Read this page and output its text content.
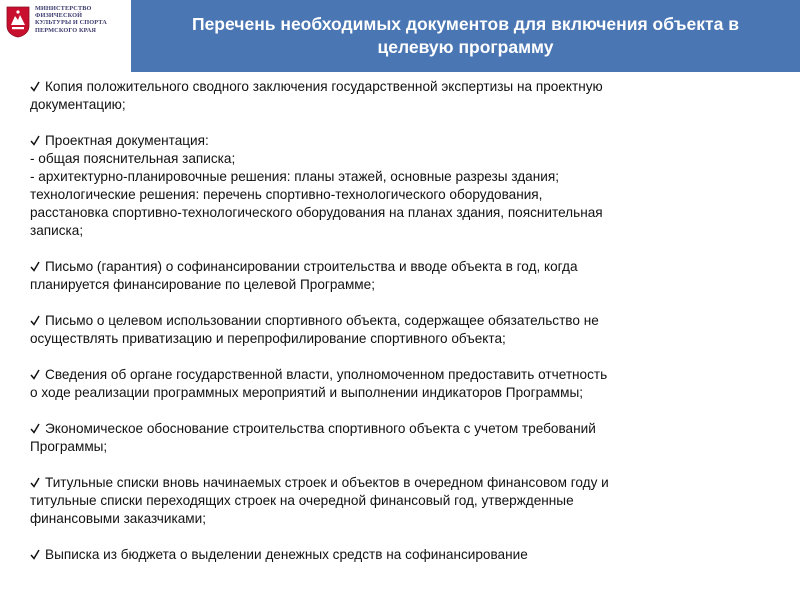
МИНИСТЕРСТВО
ФИЗИЧЕСКОЙ
КУЛЬТУРЫ И СПОРТА
ПЕРМСКОГО КРАЯ	Перечень необходимых документов для включения объекта в
целевую программу
Копия положительного сводного заключения государственной экспертизы на проектную
документацию;
Проектная документация:
- общая пояснительная записка;
- архитектурно-планировочные решения: планы этажей, основные разрезы здания;
технологические решения: перечень спортивно-технологического оборудования,
расстановка спортивно-технологического оборудования на планах здания, пояснительная
записка;
Письмо (гарантия) о софинансировании строительства и вводе объекта в год, когда
планируется финансирование по целевой Программе;
Письмо о целевом использовании спортивного объекта, содержащее обязательство не
осуществлять приватизацию и перепрофилирование спортивного объекта;
Сведения об органе государственной власти, уполномоченном предоставить отчетность
о ходе реализации программных мероприятий и выполнении индикаторов Программы;
Экономическое обоснование строительства спортивного объекта с учетом требований
Программы;
Титульные списки вновь начинаемых строек и объектов в очередном финансовом году и
титульные списки переходящих строек на очередной финансовый год, утвержденные
финансовыми заказчиками;
Выписка из бюджета о выделении денежных средств на софинансирование
